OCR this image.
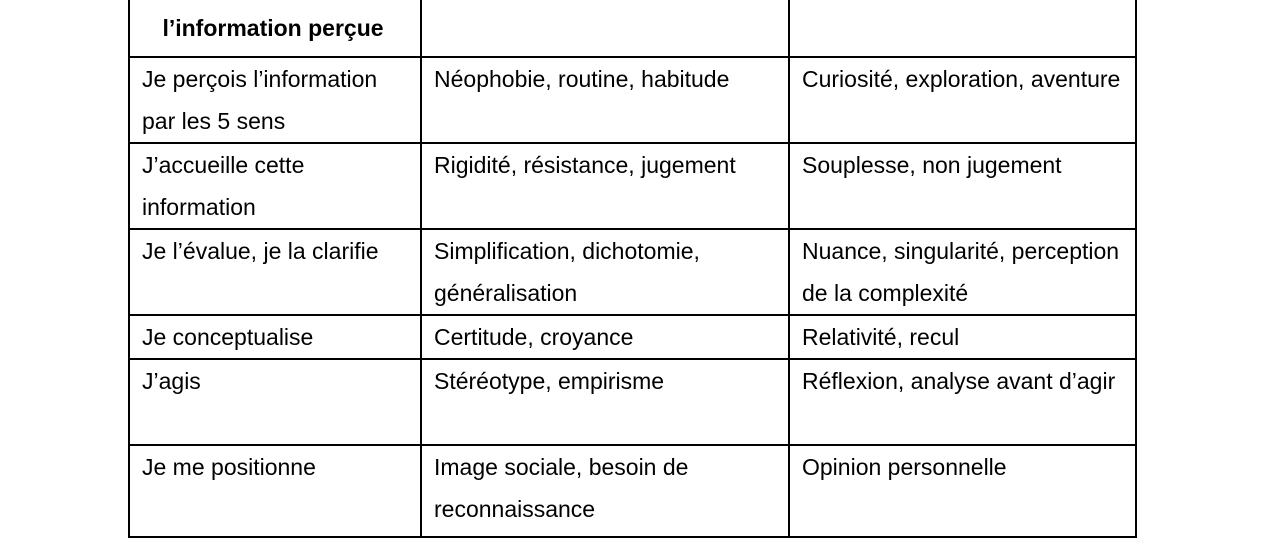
l’information perçue		

Je perçois l’information par les 5 sens	Néophobie, routine, habitude	Curiosité, exploration, aventure

J’accueille cette information	Rigidité, résistance, jugement	Souplesse, non jugement

Je l’évalue, je la clarifie	Simplification, dichotomie, généralisation	Nuance, singularité, perception de la complexité

Je conceptualise	Certitude, croyance	Relativité, recul

J’agis	Stéréotype, empirisme	Réflexion, analyse avant d’agir

Je me positionne	Image sociale, besoin de reconnaissance	Opinion personnelle
